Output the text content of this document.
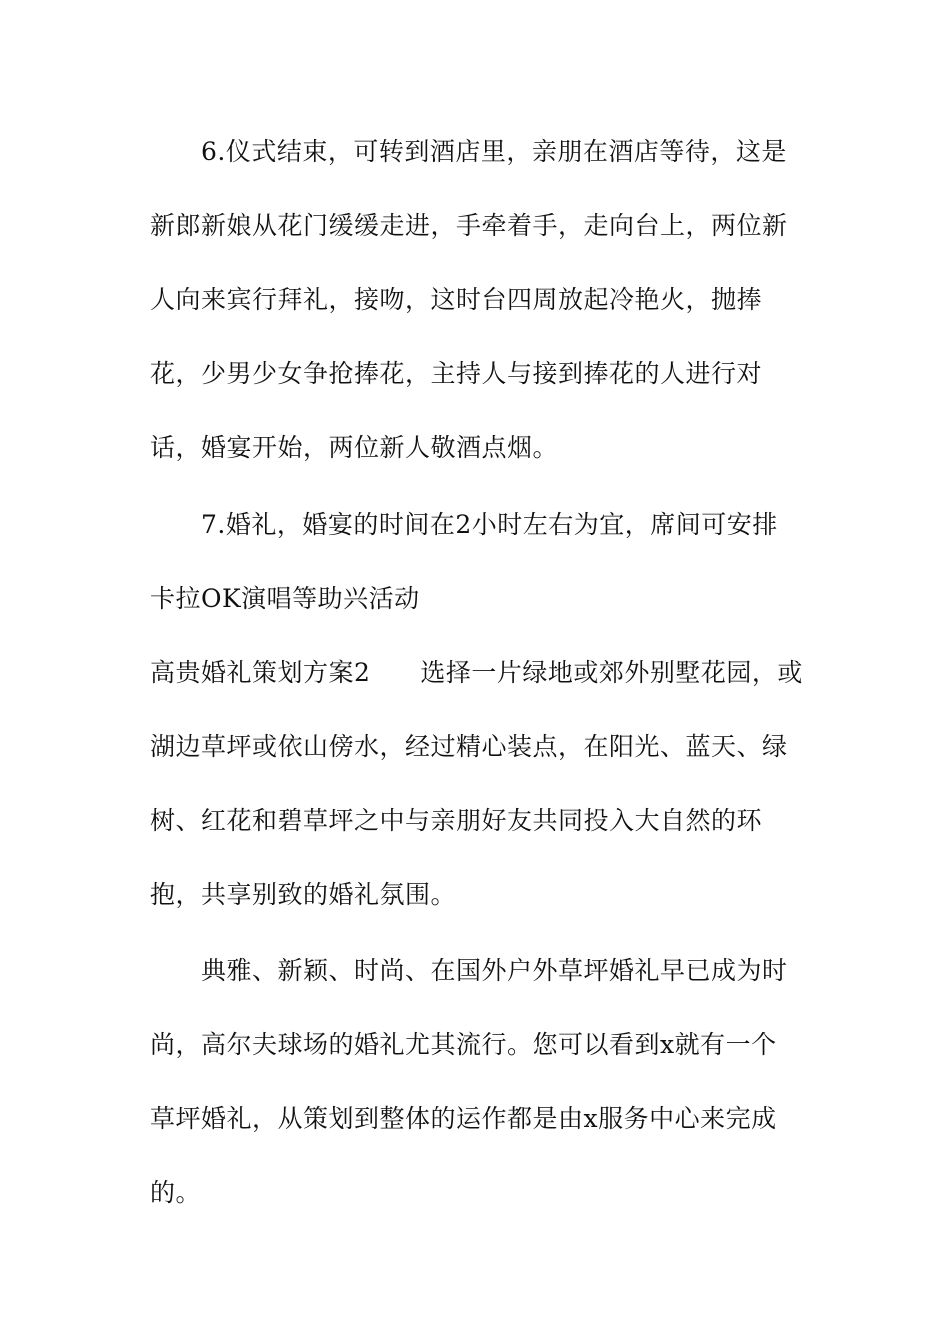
6.仪式结束，可转到酒店里，亲朋在酒店等待，这是
新郎新娘从花门缓缓走进，手牵着手，走向台上，两位新
人向来宾行拜礼，接吻，这时台四周放起冷艳火，抛捧
花，少男少女争抢捧花，主持人与接到捧花的人进行对
话，婚宴开始，两位新人敬酒点烟。
7.婚礼，婚宴的时间在2小时左右为宜，席间可安排
卡拉OK演唱等助兴活动
高贵婚礼策划方案2 选择一片绿地或郊外别墅花园，或
湖边草坪或依山傍水，经过精心装点，在阳光、蓝天、绿
树、红花和碧草坪之中与亲朋好友共同投入大自然的环
抱，共享别致的婚礼氛围。
典雅、新颖、时尚、在国外户外草坪婚礼早已成为时
尚，高尔夫球场的婚礼尤其流行。您可以看到x就有一个
草坪婚礼，从策划到整体的运作都是由x服务中心来完成
的。
